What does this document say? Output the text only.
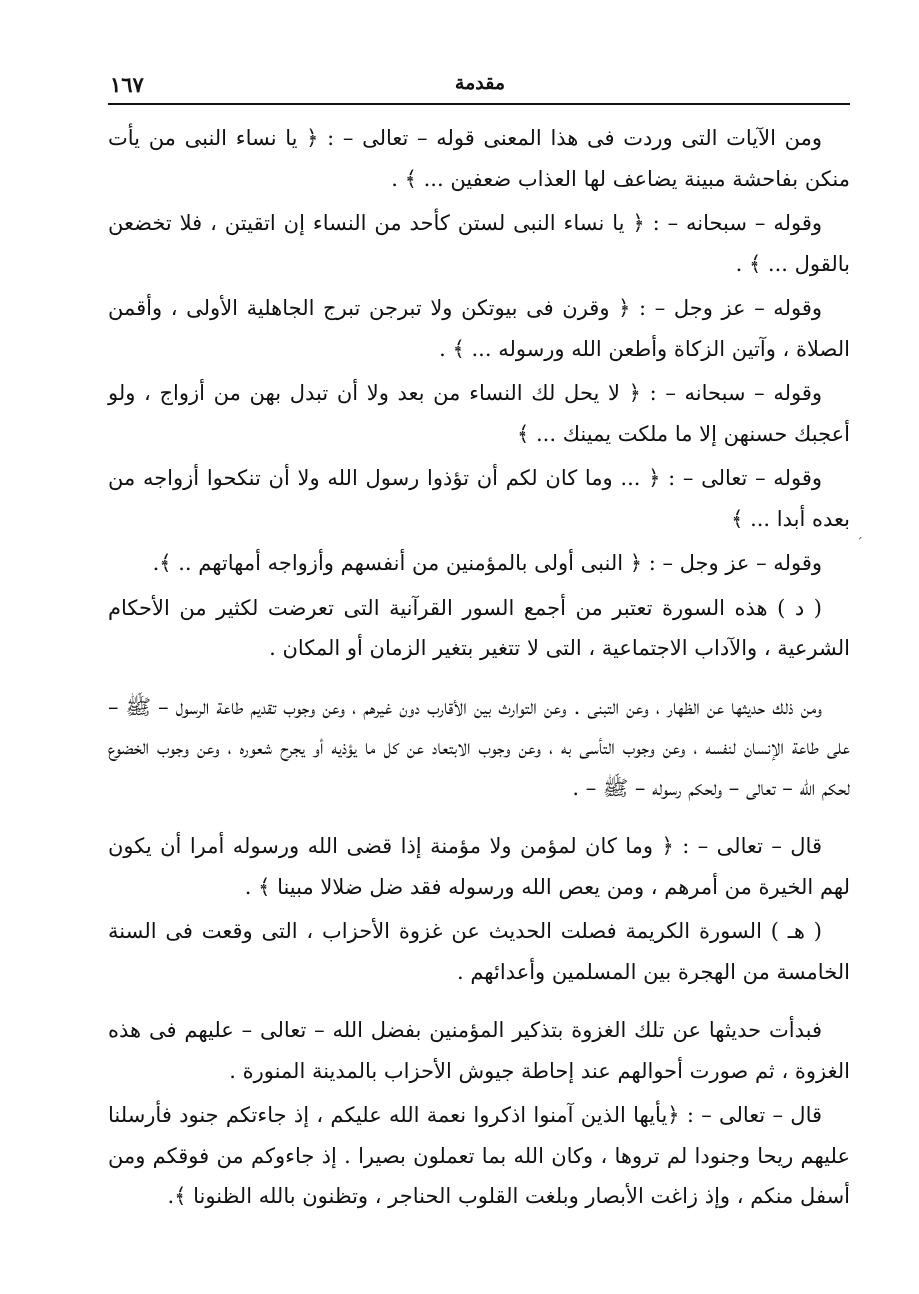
مقدمة
١٦٧

ومن الآيات التى وردت فى هذا المعنى قوله – تعالى – : ﴿ يا نساء النبى من يأت منكن بفاحشة مبينة يضاعف لها العذاب ضعفين ... ﴾ .

وقوله – سبحانه – : ﴿ يا نساء النبى لستن كأحد من النساء إن اتقيتن ، فلا تخضعن بالقول ... ﴾ .

وقوله – عز وجل – : ﴿ وقرن فى بيوتكن ولا تبرجن تبرج الجاهلية الأولى ، وأقمن الصلاة ، وآتين الزكاة وأطعن الله ورسوله ... ﴾ .

وقوله – سبحانه – : ﴿ لا يحل لك النساء من بعد ولا أن تبدل بهن من أزواج ، ولو أعجبك حسنهن إلا ما ملكت يمينك ... ﴾

وقوله – تعالى – : ﴿ ... وما كان لكم أن تؤذوا رسول الله ولا أن تنكحوا أزواجه من بعده أبدا ... ﴾

وقوله – عز وجل – : ﴿ النبى أولى بالمؤمنين من أنفسهم وأزواجه أمهاتهم .. ﴾.

( د ) هذه السورة تعتبر من أجمع السور القرآنية التى تعرضت لكثير من الأحكام الشرعية ، والآداب الاجتماعية ، التى لا تتغير بتغير الزمان أو المكان .

ومن ذلك حديثها عن الظهار ، وعن التبنى . وعن التوارث بين الأقارب دون غيرهم ، وعن وجوب تقديم طاعة الرسول – ﷺ – على طاعة الإنسان لنفسه ، وعن وجوب التأسى به ، وعن وجوب الابتعاد عن كل ما يؤذيه أو يجرح شعوره ، وعن وجوب الخضوع لحكم الله – تعالى – ولحكم رسوله – ﷺ – .

قال – تعالى – : ﴿ وما كان لمؤمن ولا مؤمنة إذا قضى الله ورسوله أمرا أن يكون لهم الخيرة من أمرهم ، ومن يعص الله ورسوله فقد ضل ضلالا مبينا ﴾ .

( هـ ) السورة الكريمة فصلت الحديث عن غزوة الأحزاب ، التى وقعت فى السنة الخامسة من الهجرة بين المسلمين وأعدائهم .

فبدأت حديثها عن تلك الغزوة بتذكير المؤمنين بفضل الله – تعالى – عليهم فى هذه الغزوة ، ثم صورت أحوالهم عند إحاطة جيوش الأحزاب بالمدينة المنورة .

قال – تعالى – : ﴿يأيها الذين آمنوا اذكروا نعمة الله عليكم ، إذ جاءتكم جنود فأرسلنا عليهم ريحا وجنودا لم تروها ، وكان الله بما تعملون بصيرا . إذ جاءوكم من فوقكم ومن أسفل منكم ، وإذ زاغت الأبصار وبلغت القلوب الحناجر ، وتظنون بالله الظنونا ﴾.

ˊ
